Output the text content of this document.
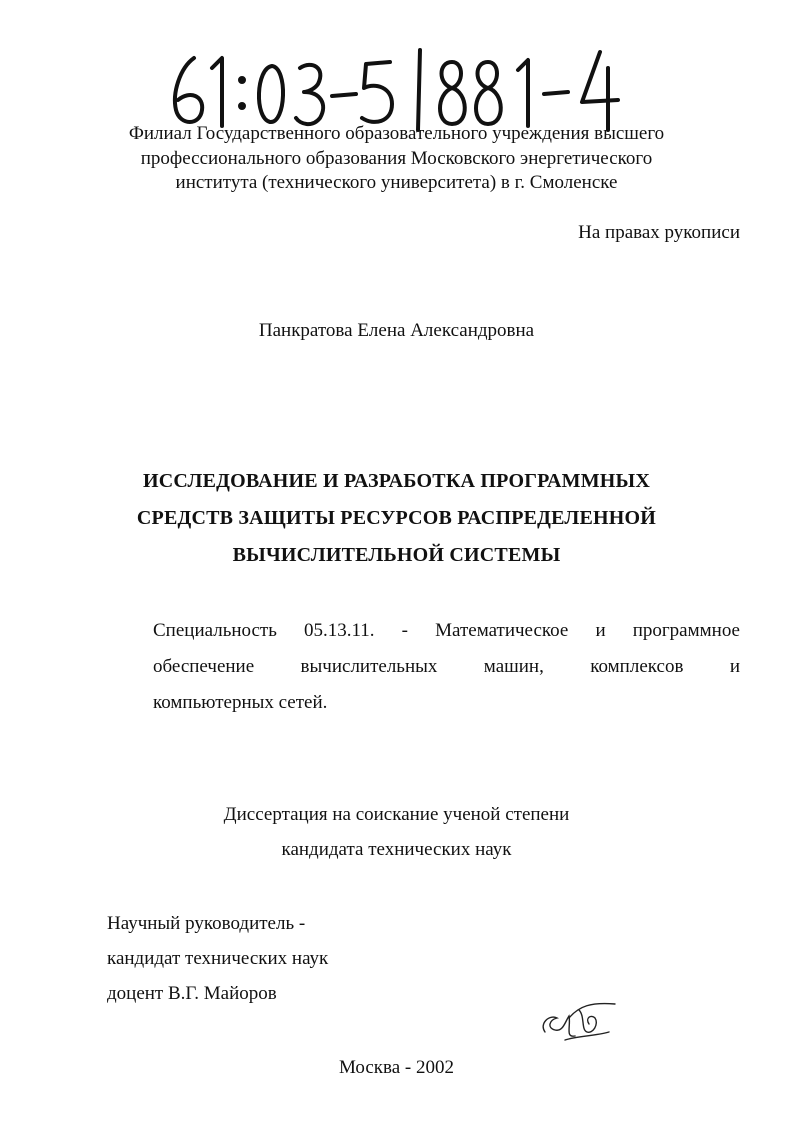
Филиал Государственного образовательного учреждения высшего
профессионального образования Московского энергетического
института (технического университета) в г. Смоленске
На правах рукописи
Панкратова Елена Александровна
ИССЛЕДОВАНИЕ И РАЗРАБОТКА ПРОГРАММНЫХ
СРЕДСТВ ЗАЩИТЫ РЕСУРСОВ РАСПРЕДЕЛЕННОЙ
ВЫЧИСЛИТЕЛЬНОЙ СИСТЕМЫ
Специальность 05.13.11. - Математическое и программное
обеспечение вычислительных машин, комплексов и
компьютерных сетей.
Диссертация на соискание ученой степени
кандидата технических наук
Научный руководитель -
кандидат технических наук
доцент В.Г. Майоров
Москва - 2002
